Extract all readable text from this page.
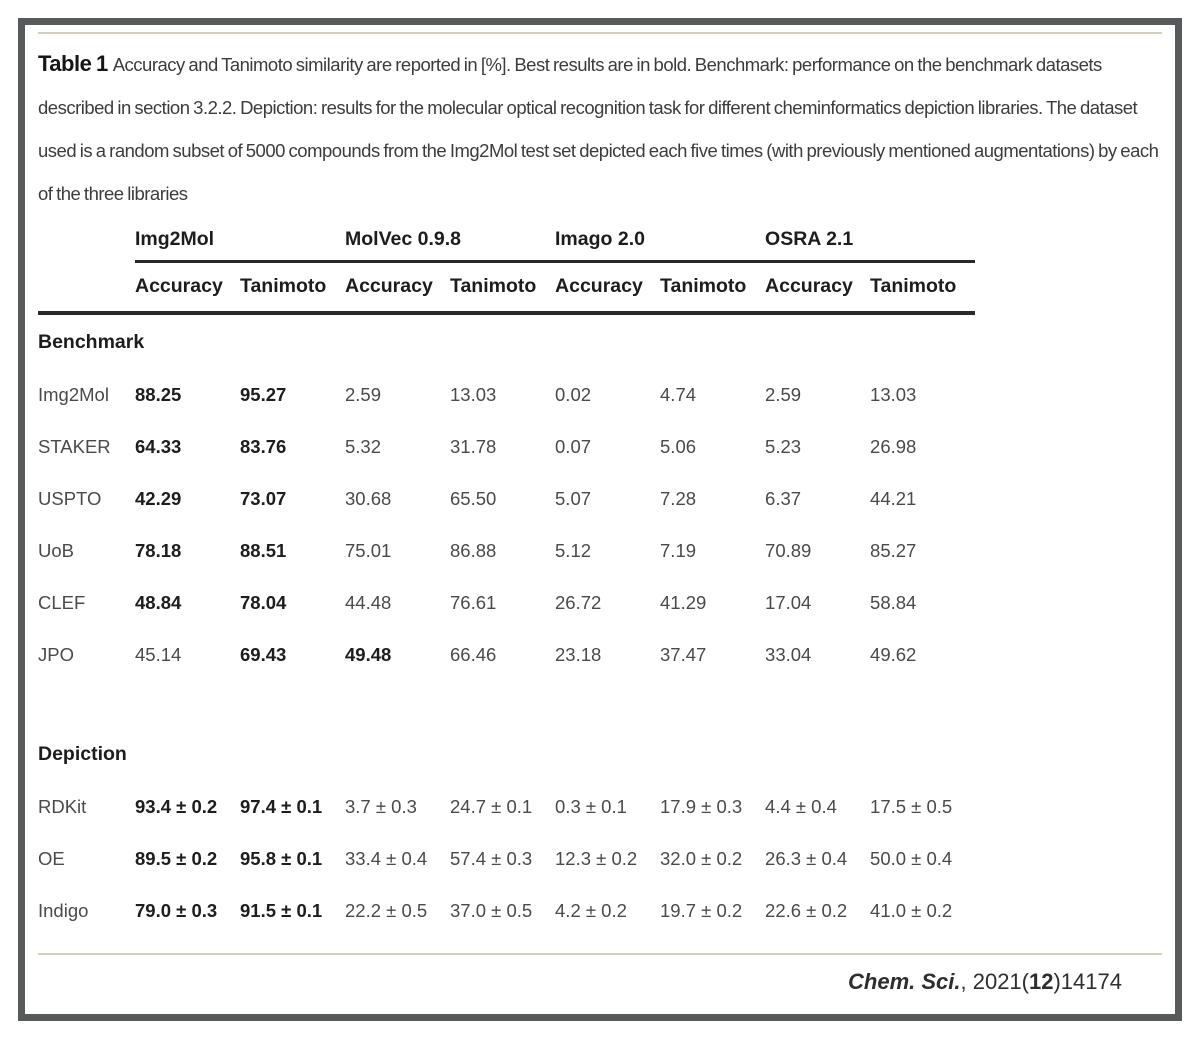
Table 1 Accuracy and Tanimoto similarity are reported in [%]. Best results are in bold. Benchmark: performance on the benchmark datasets described in section 3.2.2. Depiction: results for the molecular optical recognition task for different cheminformatics depiction libraries. The dataset used is a random subset of 5000 compounds from the Img2Mol test set depicted each five times (with previously mentioned augmentations) by each of the three libraries

	Img2Mol		MolVec 0.9.8		Imago 2.0		OSRA 2.1	
	Accuracy	Tanimoto	Accuracy	Tanimoto	Accuracy	Tanimoto	Accuracy	Tanimoto
Benchmark								
Img2Mol	88.25	95.27	2.59	13.03	0.02	4.74	2.59	13.03
STAKER	64.33	83.76	5.32	31.78	0.07	5.06	5.23	26.98
USPTO	42.29	73.07	30.68	65.50	5.07	7.28	6.37	44.21
UoB	78.18	88.51	75.01	86.88	5.12	7.19	70.89	85.27
CLEF	48.84	78.04	44.48	76.61	26.72	41.29	17.04	58.84
JPO	45.14	69.43	49.48	66.46	23.18	37.47	33.04	49.62
Depiction								
RDKit	93.4 ± 0.2	97.4 ± 0.1	3.7 ± 0.3	24.7 ± 0.1	0.3 ± 0.1	17.9 ± 0.3	4.4 ± 0.4	17.5 ± 0.5
OE	89.5 ± 0.2	95.8 ± 0.1	33.4 ± 0.4	57.4 ± 0.3	12.3 ± 0.2	32.0 ± 0.2	26.3 ± 0.4	50.0 ± 0.4
Indigo	79.0 ± 0.3	91.5 ± 0.1	22.2 ± 0.5	37.0 ± 0.5	4.2 ± 0.2	19.7 ± 0.2	22.6 ± 0.2	41.0 ± 0.2
Chem. Sci., 2021(12)14174
